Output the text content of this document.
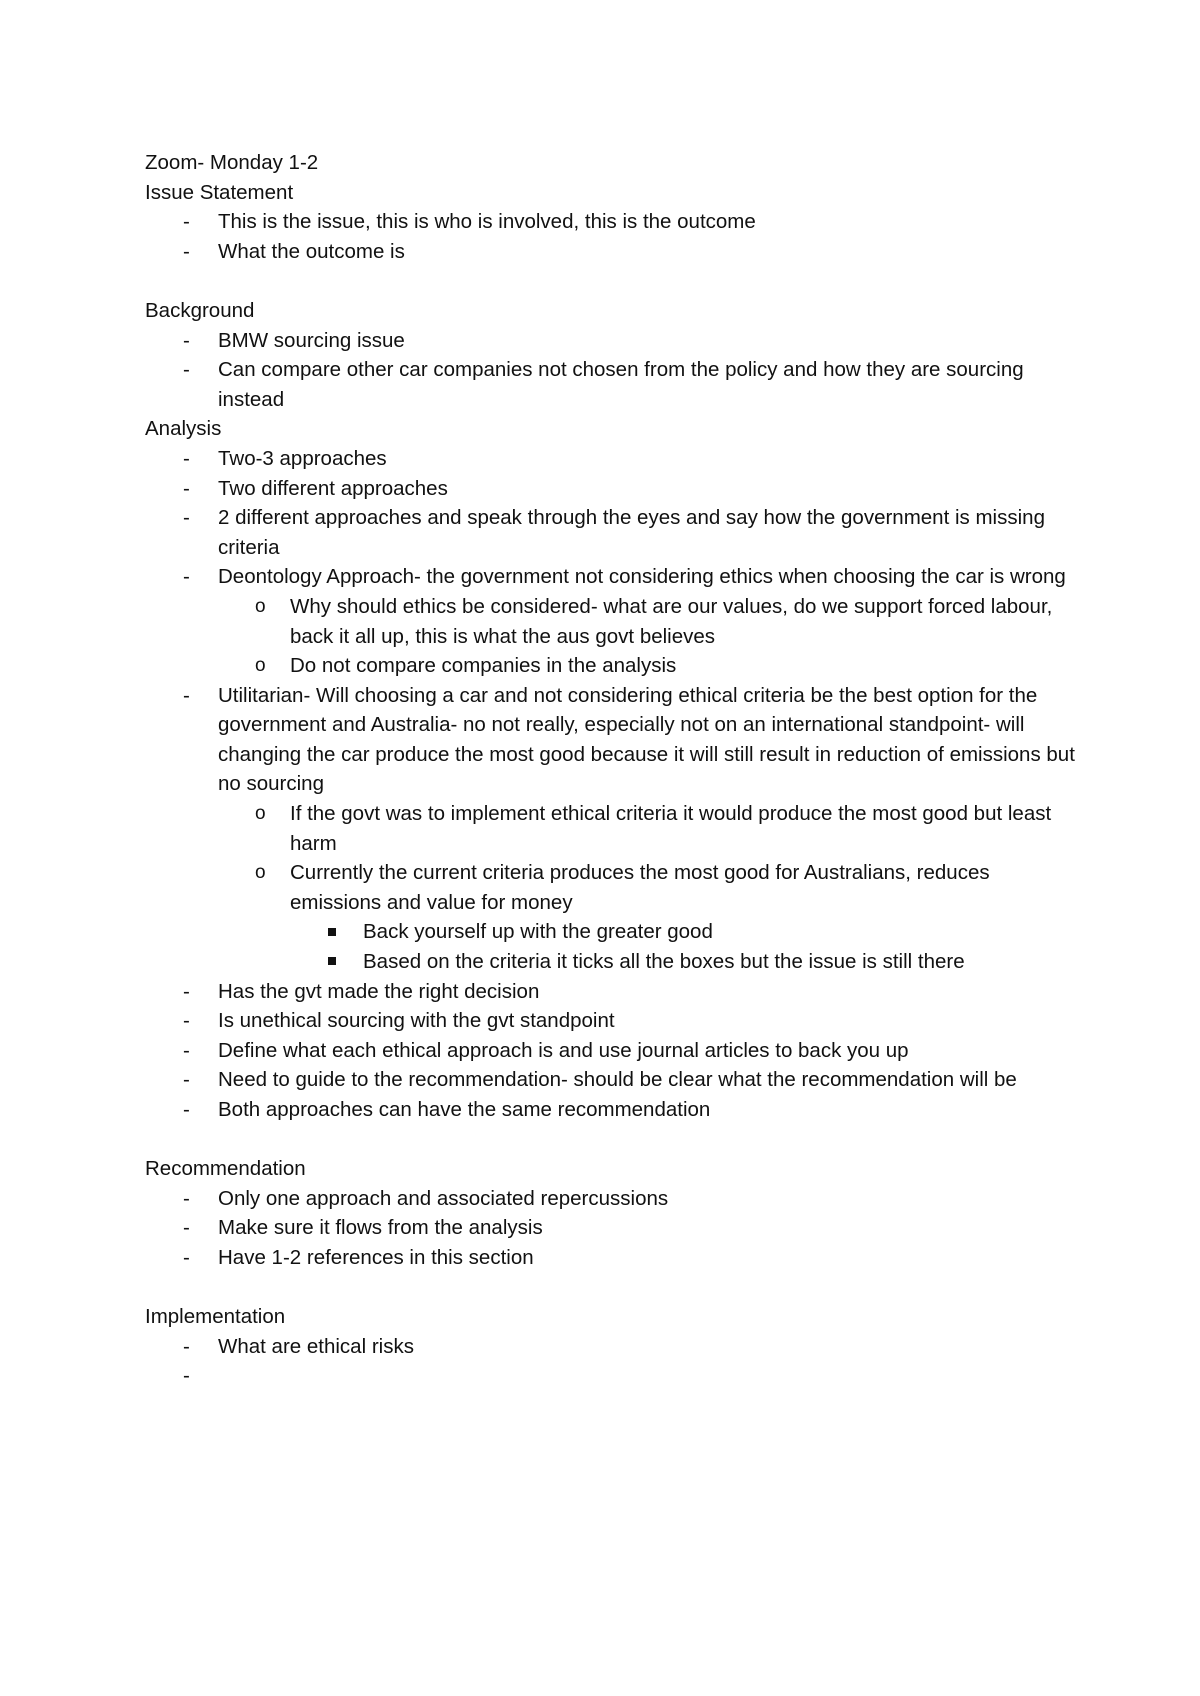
Zoom- Monday 1-2

Issue Statement

-	This is the issue, this is who is involved, this is the outcome
-	What the outcome is

Background

-	BMW sourcing issue
-	Can compare other car companies not chosen from the policy and how they are sourcing instead

Analysis

-	Two-3 approaches
-	Two different approaches
-	2 different approaches and speak through the eyes and say how the government is missing criteria
-	Deontology Approach- the government not considering ethics when choosing the car is wrong
o	Why should ethics be considered- what are our values, do we support forced labour, back it all up, this is what the aus govt believes
o	Do not compare companies in the analysis
-	Utilitarian- Will choosing a car and not considering ethical criteria be the best option for the government and Australia- no not really, especially not on an international standpoint- will changing the car produce the most good because it will still result in reduction of emissions but no sourcing
o	If the govt was to implement ethical criteria it would produce the most good but least harm
o	Currently the current criteria produces the most good for Australians, reduces emissions and value for money
Back yourself up with the greater good
Based on the criteria it ticks all the boxes but the issue is still there
-	Has the gvt made the right decision
-	Is unethical sourcing with the gvt standpoint
-	Define what each ethical approach is and use journal articles to back you up
-	Need to guide to the recommendation- should be clear what the recommendation will be
-	Both approaches can have the same recommendation

Recommendation

-	Only one approach and associated repercussions
-	Make sure it flows from the analysis
-	Have 1-2 references in this section

Implementation

-	What are ethical risks
-
